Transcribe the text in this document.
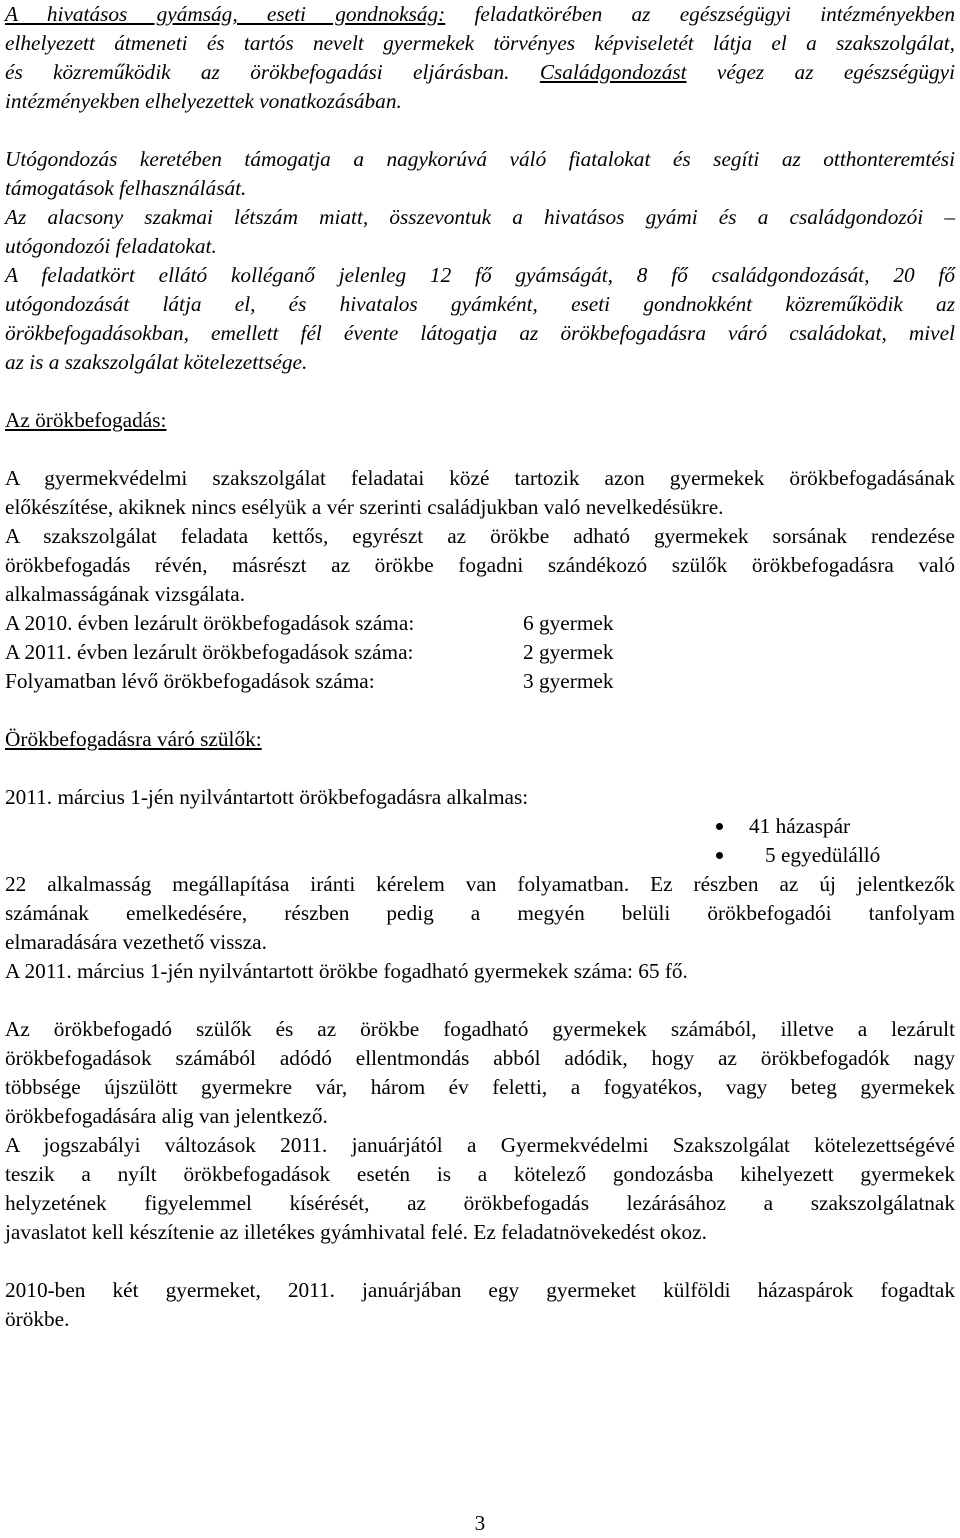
A hivatásos gyámság, eseti gondnokság: feladatkörében az egészségügyi intézményekben
elhelyezett átmeneti és tartós nevelt gyermekek törvényes képviseletét látja el a szakszolgálat,
és közreműködik az örökbefogadási eljárásban. Családgondozást végez az egészségügyi
intézményekben elhelyezettek vonatkozásában.
Utógondozás keretében támogatja a nagykorúvá váló fiatalokat és segíti az otthonteremtési
támogatások felhasználását.
Az alacsony szakmai létszám miatt, összevontuk a hivatásos gyámi és a családgondozói –
utógondozói feladatokat.
A feladatkört ellátó kolléganő jelenleg 12 fő gyámságát, 8 fő családgondozását, 20 fő
utógondozását látja el, és hivatalos gyámként, eseti gondnokként közreműködik az
örökbefogadásokban, emellett fél évente látogatja az örökbefogadásra váró családokat, mivel
az is a szakszolgálat kötelezettsége.
Az örökbefogadás:
A gyermekvédelmi szakszolgálat feladatai közé tartozik azon gyermekek örökbefogadásának
előkészítése, akiknek nincs esélyük a vér szerinti családjukban való nevelkedésükre.
A szakszolgálat feladata kettős, egyrészt az örökbe adható gyermekek sorsának rendezése
örökbefogadás révén, másrészt az örökbe fogadni szándékozó szülők örökbefogadásra való
alkalmasságának vizsgálata.
A 2010. évben lezárult örökbefogadások száma:	6 gyermek
A 2011. évben lezárult örökbefogadások száma:	2 gyermek
Folyamatban lévő örökbefogadások száma:	3 gyermek
Örökbefogadásra váró szülők:
2011. március 1-jén nyilvántartott örökbefogadásra alkalmas:
41 házaspár
5 egyedülálló
22 alkalmasság megállapítása iránti kérelem van folyamatban. Ez részben az új jelentkezők
számának emelkedésére, részben pedig a megyén belüli örökbefogadói tanfolyam
elmaradására vezethető vissza.
A 2011. március 1-jén nyilvántartott örökbe fogadható gyermekek száma: 65 fő.
Az örökbefogadó szülők és az örökbe fogadható gyermekek számából, illetve a lezárult
örökbefogadások számából adódó ellentmondás abból adódik, hogy az örökbefogadók nagy
többsége újszülött gyermekre vár, három év feletti, a fogyatékos, vagy beteg gyermekek
örökbefogadására alig van jelentkező.
A jogszabályi változások 2011. januárjától a Gyermekvédelmi Szakszolgálat kötelezettségévé
teszik a nyílt örökbefogadások esetén is a kötelező gondozásba kihelyezett gyermekek
helyzetének figyelemmel kísérését, az örökbefogadás lezárásához a szakszolgálatnak
javaslatot kell készítenie az illetékes gyámhivatal felé. Ez feladatnövekedést okoz.
2010-ben két gyermeket, 2011. januárjában egy gyermeket külföldi házaspárok fogadtak
örökbe.
3
